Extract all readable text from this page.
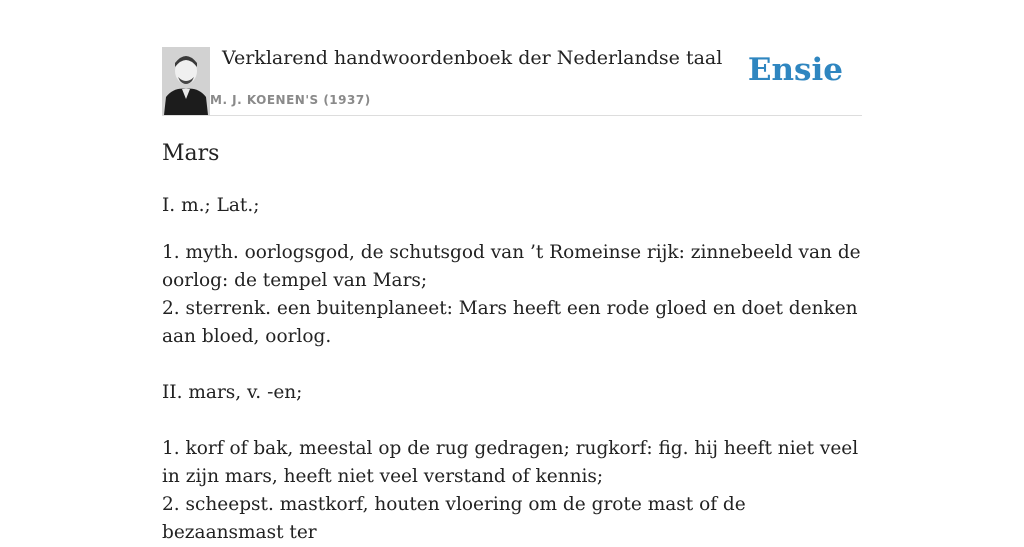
Verklarend handwoordenboek der Nederlandse taal
M. J. KOENEN'S (1937)
Ensie
Mars

I. m.; Lat.;

1. myth. oorlogsgod, de schutsgod van ’t Romeinse rijk: zinnebeeld van de oorlog: de tempel van Mars;

2. sterrenk. een buitenplaneet: Mars heeft een rode gloed en doet denken aan bloed, oorlog.

II. mars, v. -en;

1. korf of bak, meestal op de rug gedragen; rugkorf: fig. hij heeft niet veel in zijn mars, heeft niet veel verstand of kennis;

2. scheepst. mastkorf, houten vloering om de grote mast of de bezaansmast ter
